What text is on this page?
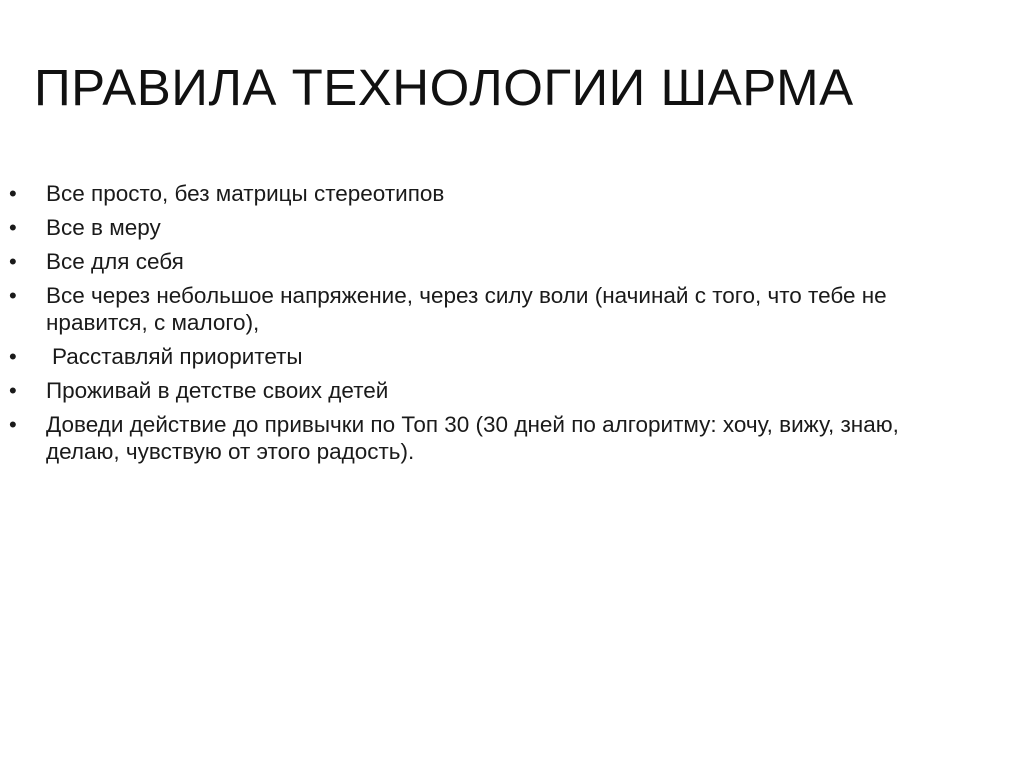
ПРАВИЛА ТЕХНОЛОГИИ ШАРМА
• Все просто, без матрицы стереотипов
• Все в меру
• Все для себя
• Все через небольшое напряжение, через силу воли (начинай с того, что тебе не нравится, с малого),
• Расставляй приоритеты
• Проживай в детстве своих детей
• Доведи действие до привычки по Топ 30 (30 дней по алгоритму: хочу, вижу, знаю, делаю, чувствую от этого радость).
